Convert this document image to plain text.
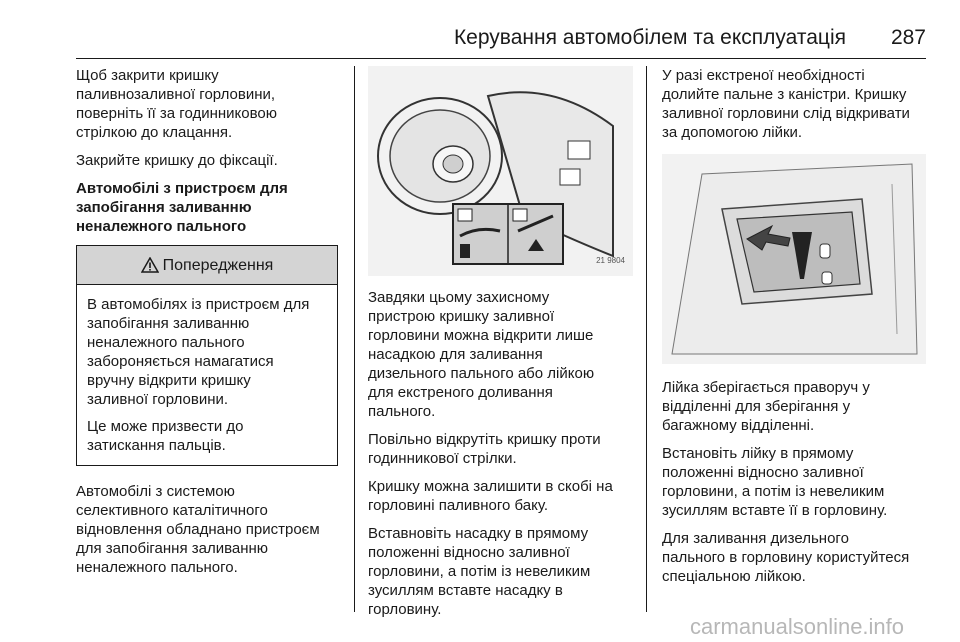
Керування автомобілем та експлуатація 287

Щоб закрити кришку
паливнозаливної горловини,
поверніть її за годинниковою
стрілкою до клацання.

Закрийте кришку до фіксації.

Автомобілі з пристроєм для
запобігання заливанню
неналежного пального

Попередження

В автомобілях із пристроєм для
запобігання заливанню
неналежного пального
забороняється намагатися
вручну відкрити кришку
заливної горловини.

Це може призвести до
затискання пальців.

Автомобілі з системою
селективного каталітичного
відновлення обладнано пристроєм
для запобігання заливанню
неналежного пального.

21 9804

Завдяки цьому захисному
пристрою кришку заливної
горловини можна відкрити лише
насадкою для заливання
дизельного пального або лійкою
для екстреного доливання
пального.

Повільно відкрутіть кришку проти
годинникової стрілки.

Кришку можна залишити в скобі на
горловині паливного баку.

Вставновіть насадку в прямому
положенні відносно заливної
горловини, а потім із невеликим
зусиллям вставте насадку в
горловину.

У разі екстреної необхідності
долийте пальне з каністри. Кришку
заливної горловини слід відкривати
за допомогою лійки.

Лійка зберігається праворуч у
відділенні для зберігання у
багажному відділенні.

Встановіть лійку в прямому
положенні відносно заливної
горловини, а потім із невеликим
зусиллям вставте її в горловину.

Для заливання дизельного
пального в горловину користуйтеся
спеціальною лійкою.

carmanualsonline.info
